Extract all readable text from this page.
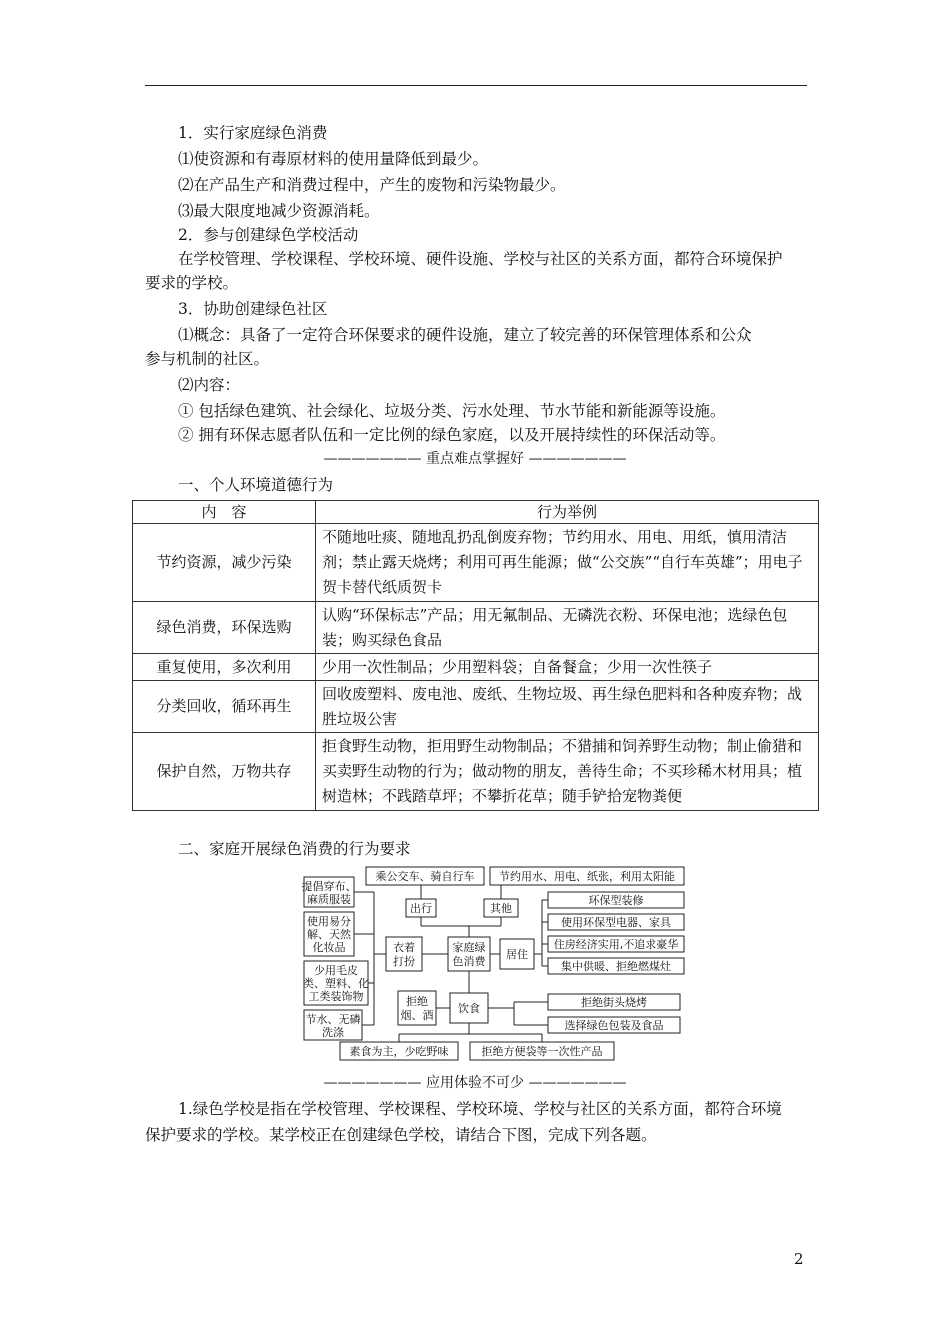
1．实行家庭绿色消费
⑴使资源和有毒原材料的使用量降低到最少。
⑵在产品生产和消费过程中，产生的废物和污染物最少。
⑶最大限度地减少资源消耗。
2．参与创建绿色学校活动
在学校管理、学校课程、学校环境、硬件设施、学校与社区的关系方面，都符合环境保护
要求的学校。
3．协助创建绿色社区
⑴概念：具备了一定符合环保要求的硬件设施，建立了较完善的环保管理体系和公众
参与机制的社区。
⑵内容：
① 包括绿色建筑、社会绿化、垃圾分类、污水处理、节水节能和新能源等设施。
② 拥有环保志愿者队伍和一定比例的绿色家庭，以及开展持续性的环保活动等。
——————— 重点难点掌握好 ———————
一、个人环境道德行为
内　容	行为举例
节约资源，减少污染	不随地吐痰、随地乱扔乱倒废弃物；节约用水、用电、用纸，慎用清洁剂；禁止露天烧烤；利用可再生能源；做“公交族”“自行车英雄”；用电子贺卡替代纸质贺卡
绿色消费，环保选购	认购“环保标志”产品；用无氟制品、无磷洗衣粉、环保电池；选绿色包装；购买绿色食品
重复使用，多次利用	少用一次性制品；少用塑料袋；自备餐盒；少用一次性筷子
分类回收，循环再生	回收废塑料、废电池、废纸、生物垃圾、再生绿色肥料和各种废弃物；战胜垃圾公害
保护自然，万物共存	拒食野生动物，拒用野生动物制品；不猎捕和饲养野生动物；制止偷猎和买卖野生动物的行为；做动物的朋友，善待生命；不买珍稀木材用具；植树造林；不践踏草坪；不攀折花草；随手铲拾宠物粪便
二、家庭开展绿色消费的行为要求
乘公交车、骑自行车 节约用水、用电、纸张，利用太阳能
出行	其他
家庭绿
色消费
衣着
打扮
提倡穿布、
麻质服装
使用易分
解、天然
化妆品
少用毛皮
类、塑料、化
工类装饰物
节水、无磷
洗涤
居住
环保型装修
使用环保型电器、家具
住房经济实用,不追求豪华
集中供暖、拒绝燃煤灶
拒绝
烟、酒
饮食	拒绝街头烧烤
选择绿色包装及食品
素食为主，少吃野味	拒绝方便袋等一次性产品
——————— 应用体验不可少 ———————
1.绿色学校是指在学校管理、学校课程、学校环境、学校与社区的关系方面，都符合环境
保护要求的学校。某学校正在创建绿色学校，请结合下图，完成下列各题。
2
